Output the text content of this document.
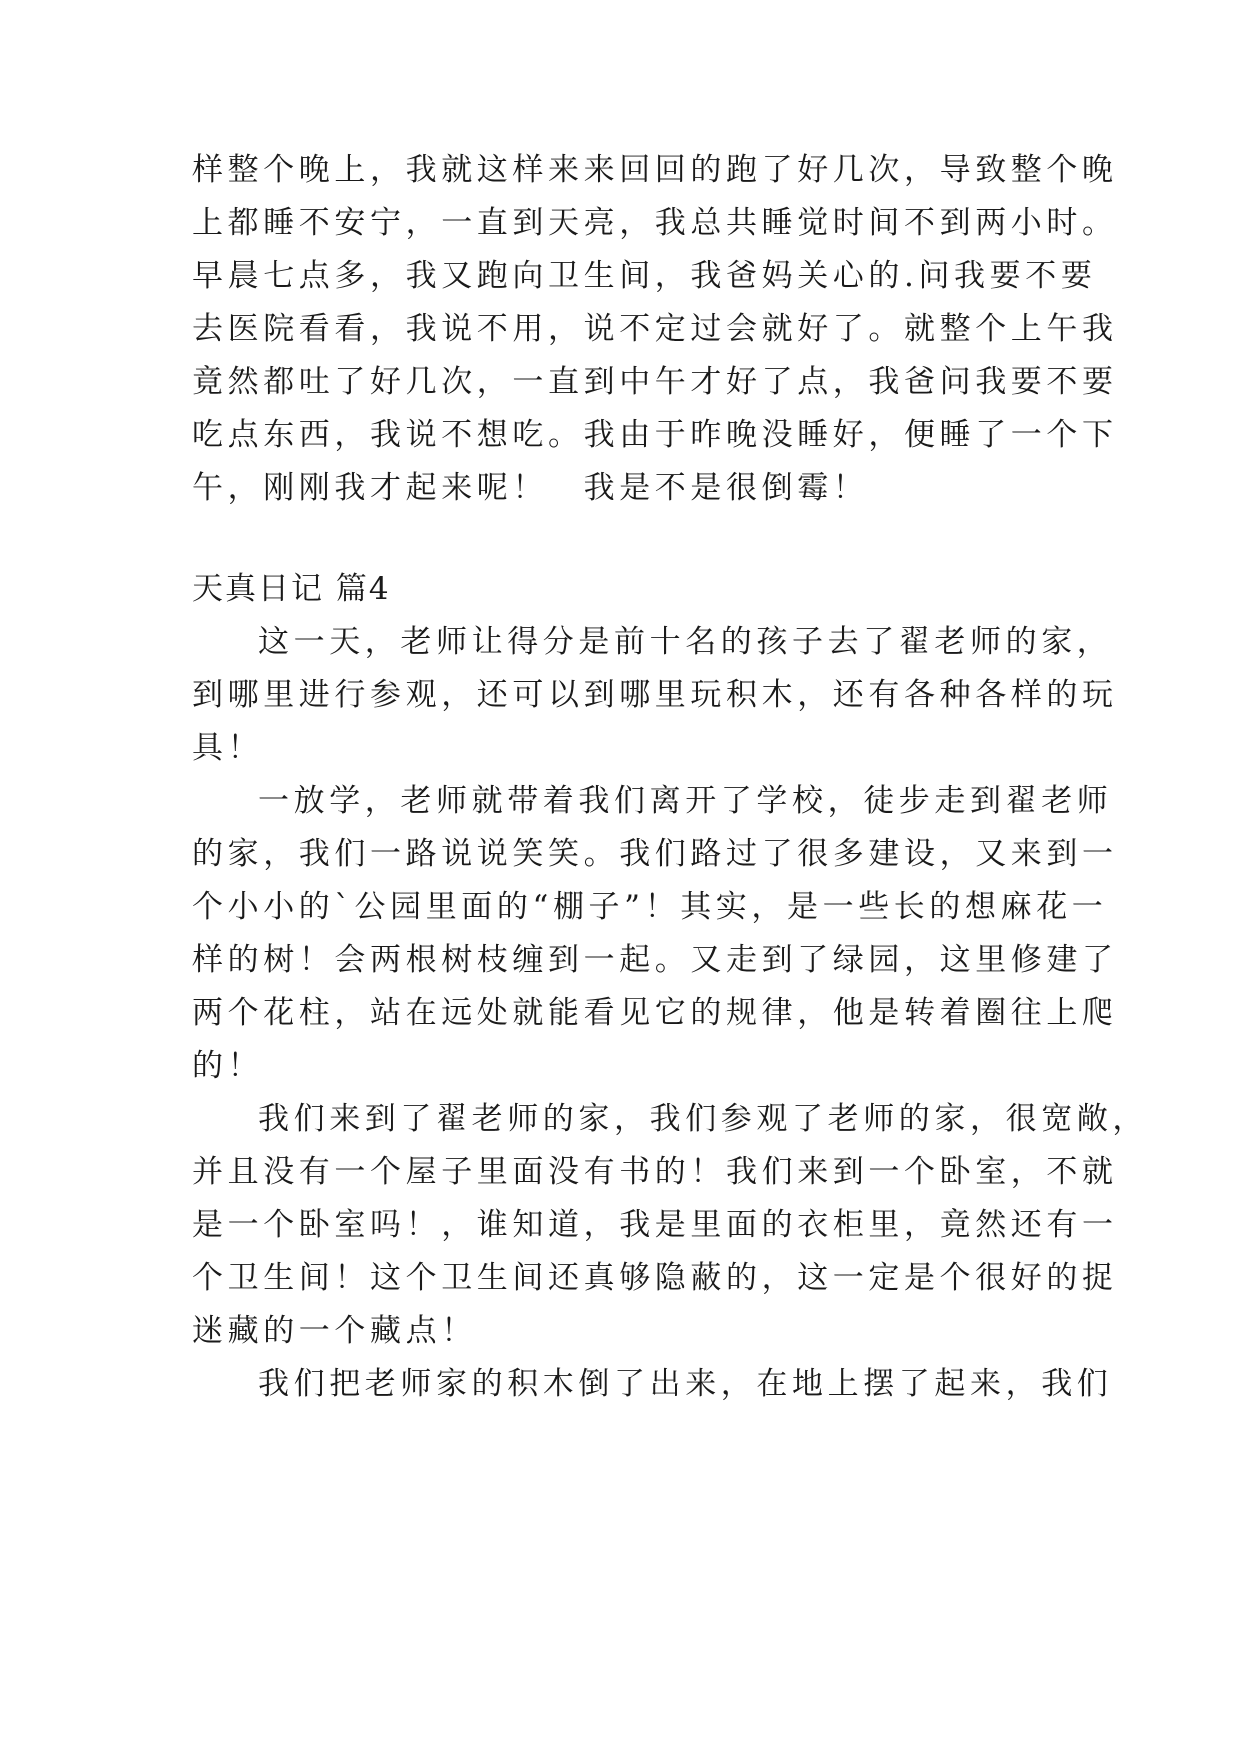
样整个晚上，我就这样来来回回的跑了好几次，导致整个晚
上都睡不安宁，一直到天亮，我总共睡觉时间不到两小时。
早晨七点多，我又跑向卫生间，我爸妈关心的.问我要不要
去医院看看，我说不用，说不定过会就好了。就整个上午我
竟然都吐了好几次，一直到中午才好了点，我爸问我要不要
吃点东西，我说不想吃。我由于昨晚没睡好，便睡了一个下
午，刚刚我才起来呢！　我是不是很倒霉！
天真日记 篇4
这一天，老师让得分是前十名的孩子去了翟老师的家，
到哪里进行参观，还可以到哪里玩积木，还有各种各样的玩
具！
一放学，老师就带着我们离开了学校，徒步走到翟老师
的家，我们一路说说笑笑。我们路过了很多建设，又来到一
个小小的`公园里面的“棚子”！其实，是一些长的想麻花一
样的树！会两根树枝缠到一起。又走到了绿园，这里修建了
两个花柱，站在远处就能看见它的规律，他是转着圈往上爬
的！
我们来到了翟老师的家，我们参观了老师的家，很宽敞，
并且没有一个屋子里面没有书的！我们来到一个卧室，不就
是一个卧室吗！，谁知道，我是里面的衣柜里，竟然还有一
个卫生间！这个卫生间还真够隐蔽的，这一定是个很好的捉
迷藏的一个藏点！
我们把老师家的积木倒了出来，在地上摆了起来，我们
